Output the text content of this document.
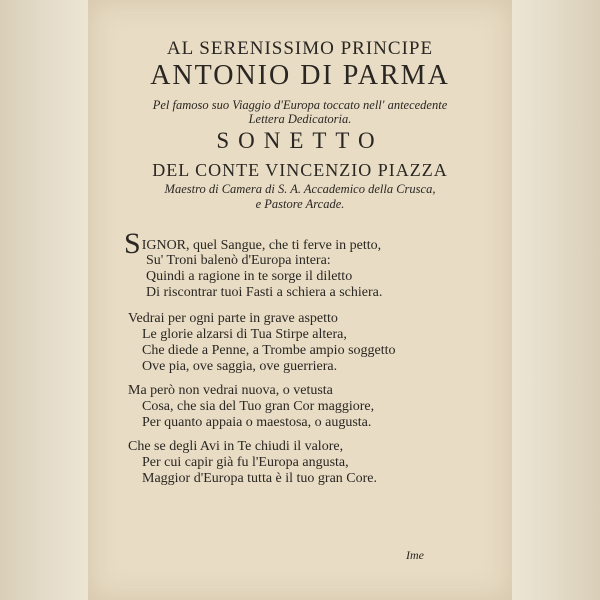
AL SERENISSIMO PRINCIPE
ANTONIO DI PARMA
Pel famoso suo Viaggio d'Europa toccato nell' antecedente
Lettera Dedicatoria.
SONETTO
DEL CONTE VINCENZIO PIAZZA
Maestro di Camera di S. A. Accademico della Crusca,
e Pastore Arcade.
SIGNOR, quel Sangue, che ti ferve in petto,
Su' Troni balenò d'Europa intera:
Quindi a ragione in te sorge il diletto
Di riscontrar tuoi Fasti a schiera a schiera.
Vedrai per ogni parte in grave aspetto
Le glorie alzarsi di Tua Stirpe altera,
Che diede a Penne, a Trombe ampio soggetto
Ove pia, ove saggia, ove guerriera.
Ma però non vedrai nuova, o vetusta
Cosa, che sia del Tuo gran Cor maggiore,
Per quanto appaia o maestosa, o augusta.
Che se degli Avi in Te chiudi il valore,
Per cui capir già fu l'Europa angusta,
Maggior d'Europa tutta è il tuo gran Core.
Ime
